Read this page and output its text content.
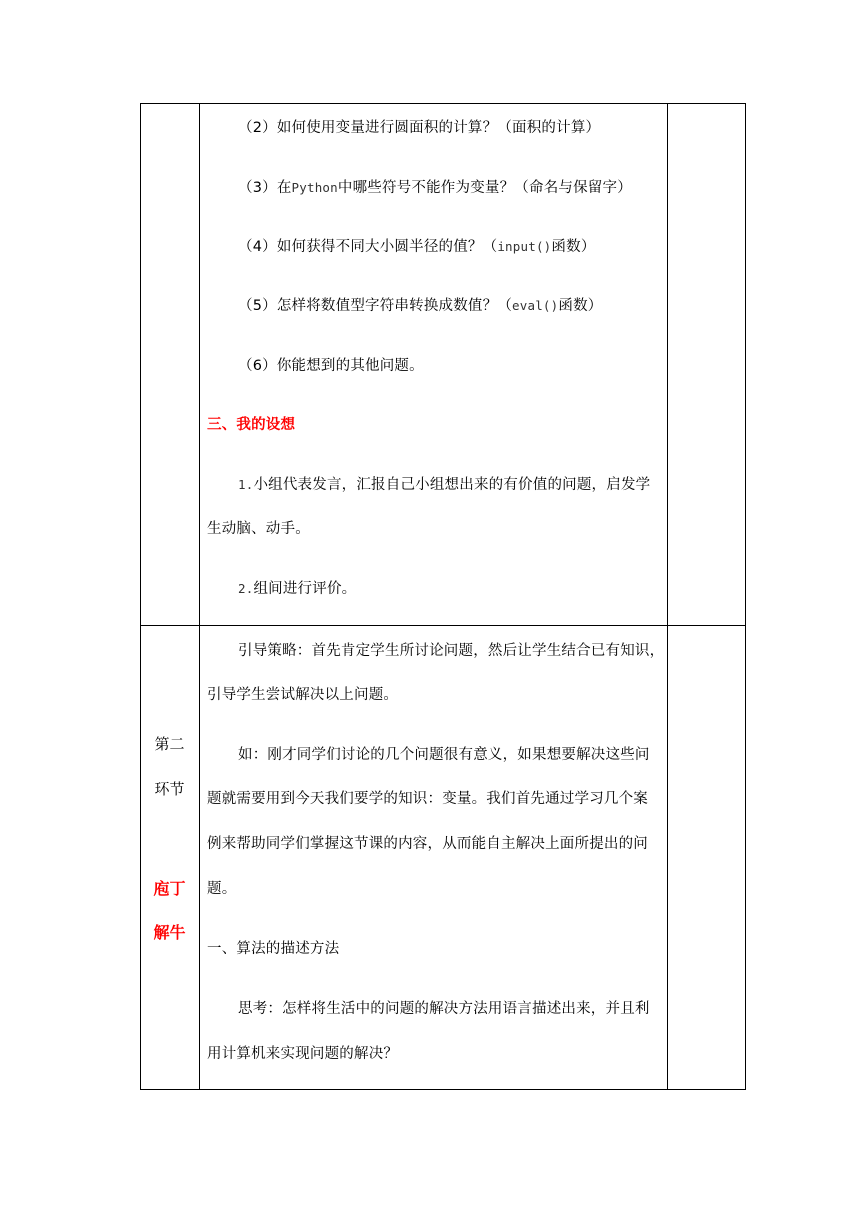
（2）如何使用变量进行圆面积的计算？（面积的计算）
（3）在Python中哪些符号不能作为变量？（命名与保留字）
（4）如何获得不同大小圆半径的值？（input()函数）
（5）怎样将数值型字符串转换成数值？（eval()函数）
（6）你能想到的其他问题。
三、我的设想
1.小组代表发言，汇报自己小组想出来的有价值的问题，启发学
生动脑、动手。
2.组间进行评价。
第二
环节
庖丁
解牛
引导策略：首先肯定学生所讨论问题，然后让学生结合已有知识，
引导学生尝试解决以上问题。
如：刚才同学们讨论的几个问题很有意义，如果想要解决这些问
题就需要用到今天我们要学的知识：变量。我们首先通过学习几个案
例来帮助同学们掌握这节课的内容，从而能自主解决上面所提出的问
题。
一、算法的描述方法
思考：怎样将生活中的问题的解决方法用语言描述出来，并且利
用计算机来实现问题的解决？
